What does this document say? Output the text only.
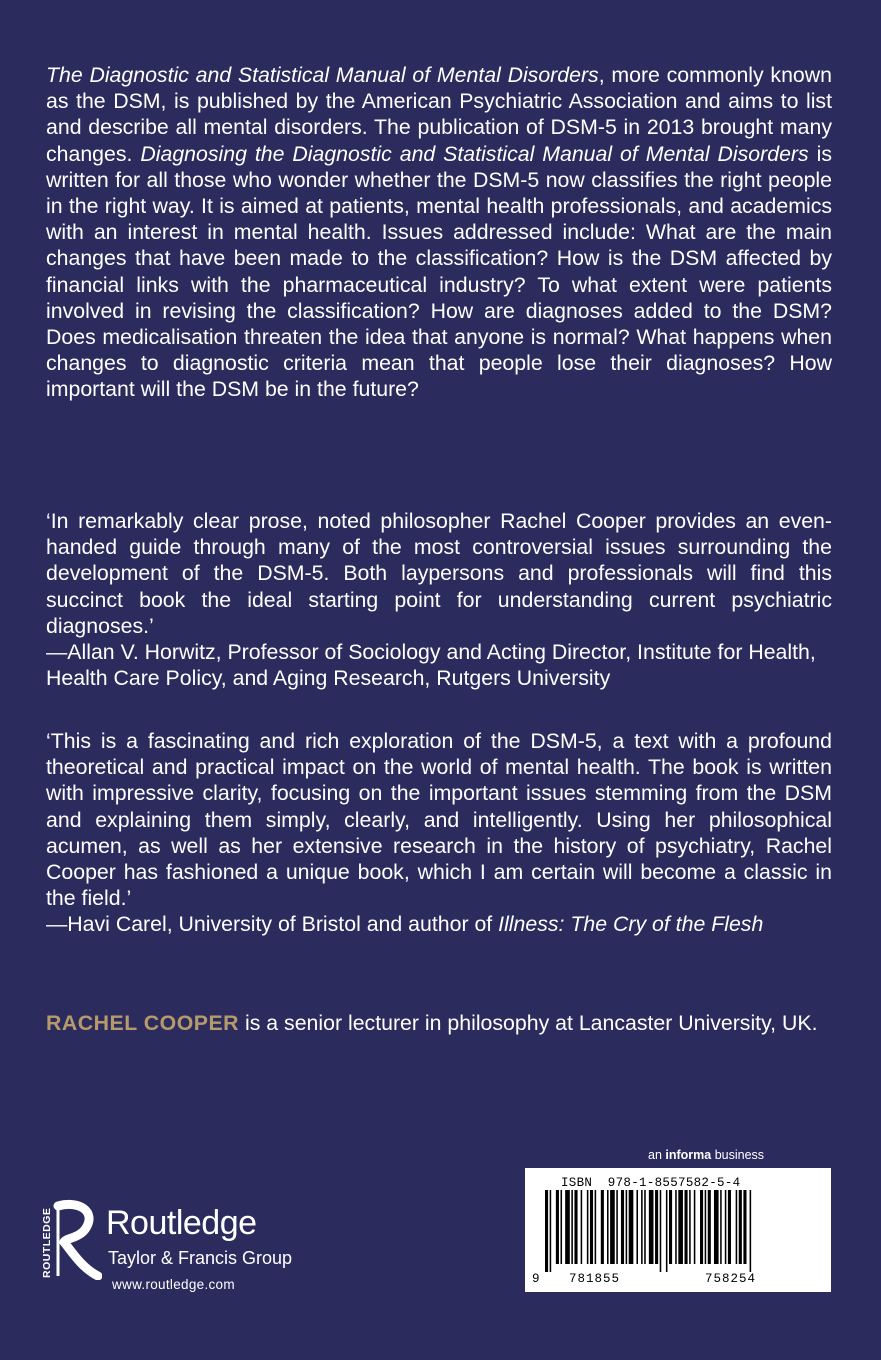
The Diagnostic and Statistical Manual of Mental Disorders, more commonly known as the DSM, is published by the American Psychiatric Association and aims to list and describe all mental disorders. The publication of DSM-5 in 2013 brought many changes. Diagnosing the Diagnostic and Statistical Manual of Mental Disorders is written for all those who wonder whether the DSM-5 now classifies the right people in the right way. It is aimed at patients, mental health professionals, and academics with an interest in mental health. Issues addressed include: What are the main changes that have been made to the classification? How is the DSM affected by financial links with the pharmaceutical industry? To what extent were patients involved in revising the classification? How are diagnoses added to the DSM? Does medicalisation threaten the idea that anyone is normal? What happens when changes to diagnostic criteria mean that people lose their diagnoses? How important will the DSM be in the future?

‘In remarkably clear prose, noted philosopher Rachel Cooper provides an even-handed guide through many of the most controversial issues surrounding the development of the DSM-5. Both laypersons and professionals will find this succinct book the ideal starting point for understanding current psychiatric diagnoses.’
—Allan V. Horwitz, Professor of Sociology and Acting Director, Institute for Health, Health Care Policy, and Aging Research, Rutgers University
‘This is a fascinating and rich exploration of the DSM-5, a text with a profound theoretical and practical impact on the world of mental health. The book is written with impressive clarity, focusing on the important issues stemming from the DSM and explaining them simply, clearly, and intelligently. Using her philosophical acumen, as well as her extensive research in the history of psychiatry, Rachel Cooper has fashioned a unique book, which I am certain will become a classic in the field.’
—Havi Carel, University of Bristol and author of Illness: The Cry of the Flesh

RACHEL COOPER is a senior lecturer in philosophy at Lancaster University, UK.

an informa business
ISBN  978-1-8557582-5-4
9 781855	758254
ROUTLEDGE Routledge
Taylor & Francis Group
www.routledge.com
